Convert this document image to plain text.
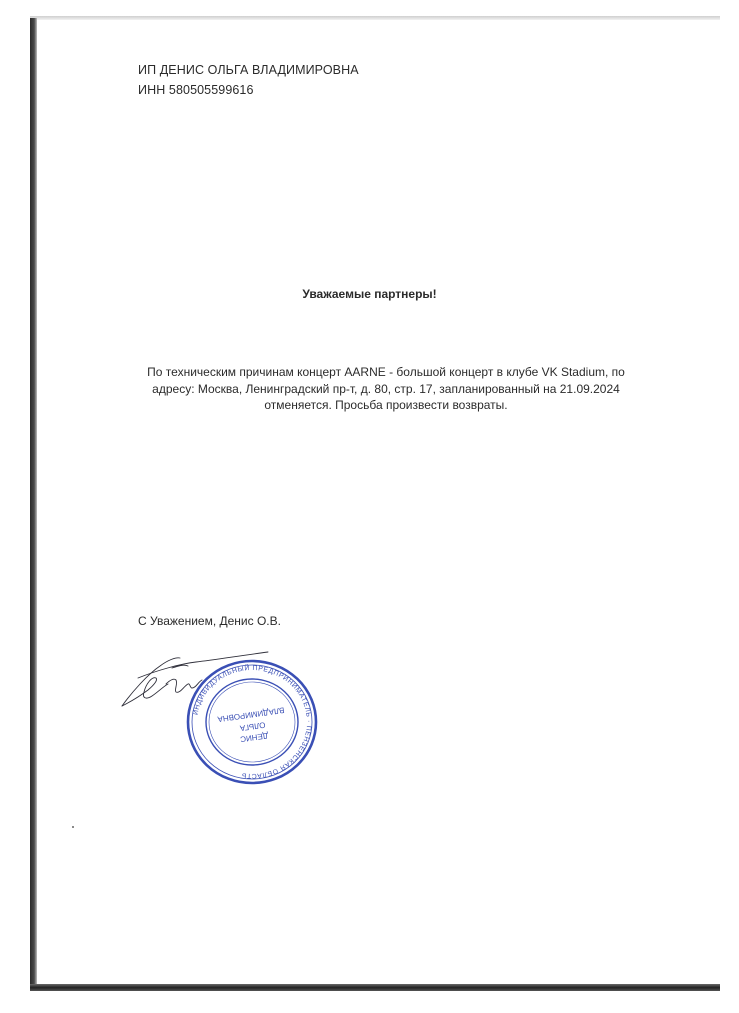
ИП ДЕНИС ОЛЬГА ВЛАДИМИРОВНА
ИНН 580505599616
Уважаемые партнеры!
По техническим причинам концерт AARNE - большой концерт в клубе VK Stadium, по
адресу: Москва, Ленинградский пр-т, д. 80, стр. 17, запланированный на 21.09.2024
отменяется. Просьба произвести возвраты.
С Уважением, Денис О.В.
ИНДИВИДУАЛЬНЫЙ ПРЕДПРИНИМАТЕЛЬ · ПЕНЗЕНСКАЯ ОБЛАСТЬ
ДЕНИС
ОЛЬГА
ВЛАДИМИРОВНА
